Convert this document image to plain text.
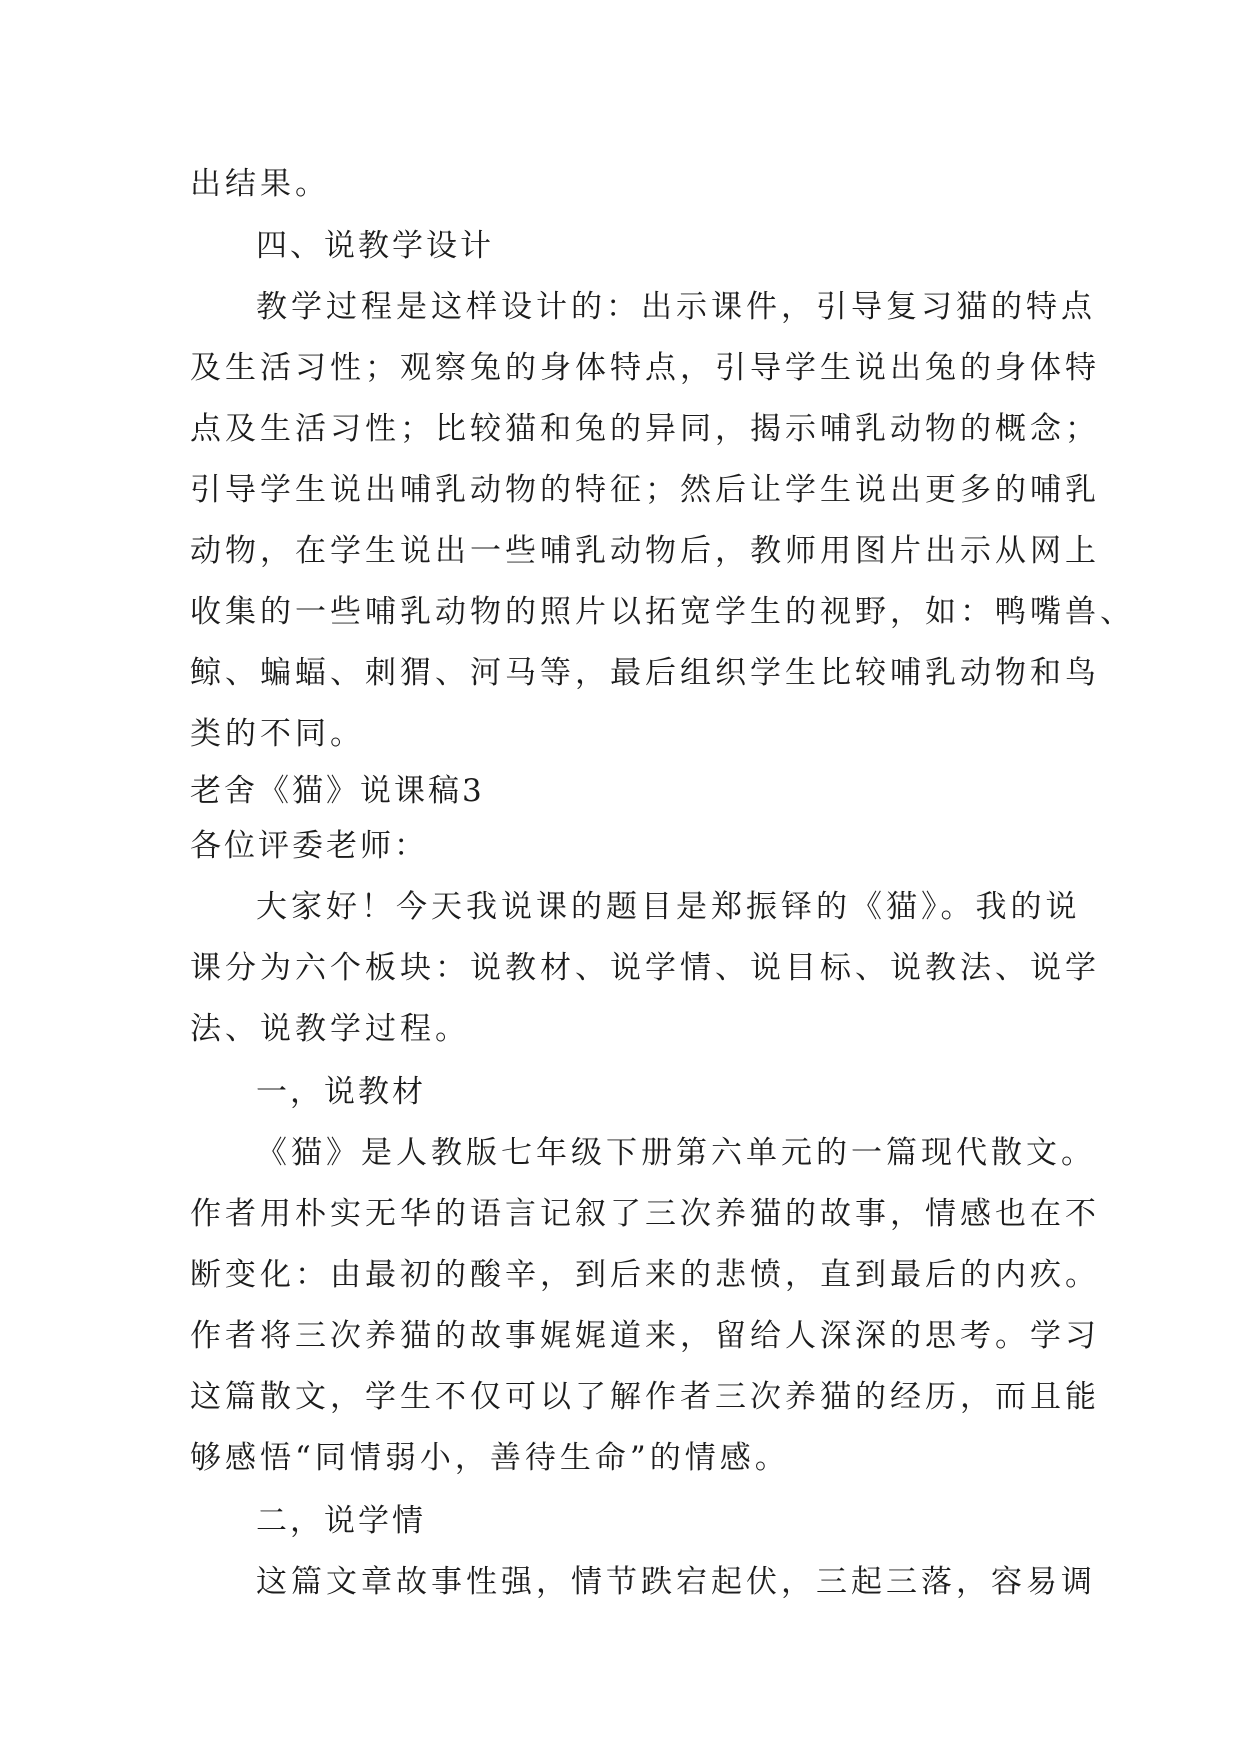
出结果。
四、说教学设计
教学过程是这样设计的：出示课件，引导复习猫的特点
及生活习性；观察兔的身体特点，引导学生说出兔的身体特
点及生活习性；比较猫和兔的异同，揭示哺乳动物的概念；
引导学生说出哺乳动物的特征；然后让学生说出更多的哺乳
动物，在学生说出一些哺乳动物后，教师用图片出示从网上
收集的一些哺乳动物的照片以拓宽学生的视野，如：鸭嘴兽、
鲸、蝙蝠、刺猬、河马等，最后组织学生比较哺乳动物和鸟
类的不同。
老舍《猫》说课稿3
各位评委老师：
大家好！今天我说课的题目是郑振铎的《猫》。我的说
课分为六个板块：说教材、说学情、说目标、说教法、说学
法、说教学过程。
一，说教材
《猫》是人教版七年级下册第六单元的一篇现代散文。
作者用朴实无华的语言记叙了三次养猫的故事，情感也在不
断变化：由最初的酸辛，到后来的悲愤，直到最后的内疚。
作者将三次养猫的故事娓娓道来，留给人深深的思考。学习
这篇散文，学生不仅可以了解作者三次养猫的经历，而且能
够感悟“同情弱小，善待生命”的情感。
二，说学情
这篇文章故事性强，情节跌宕起伏，三起三落，容易调
